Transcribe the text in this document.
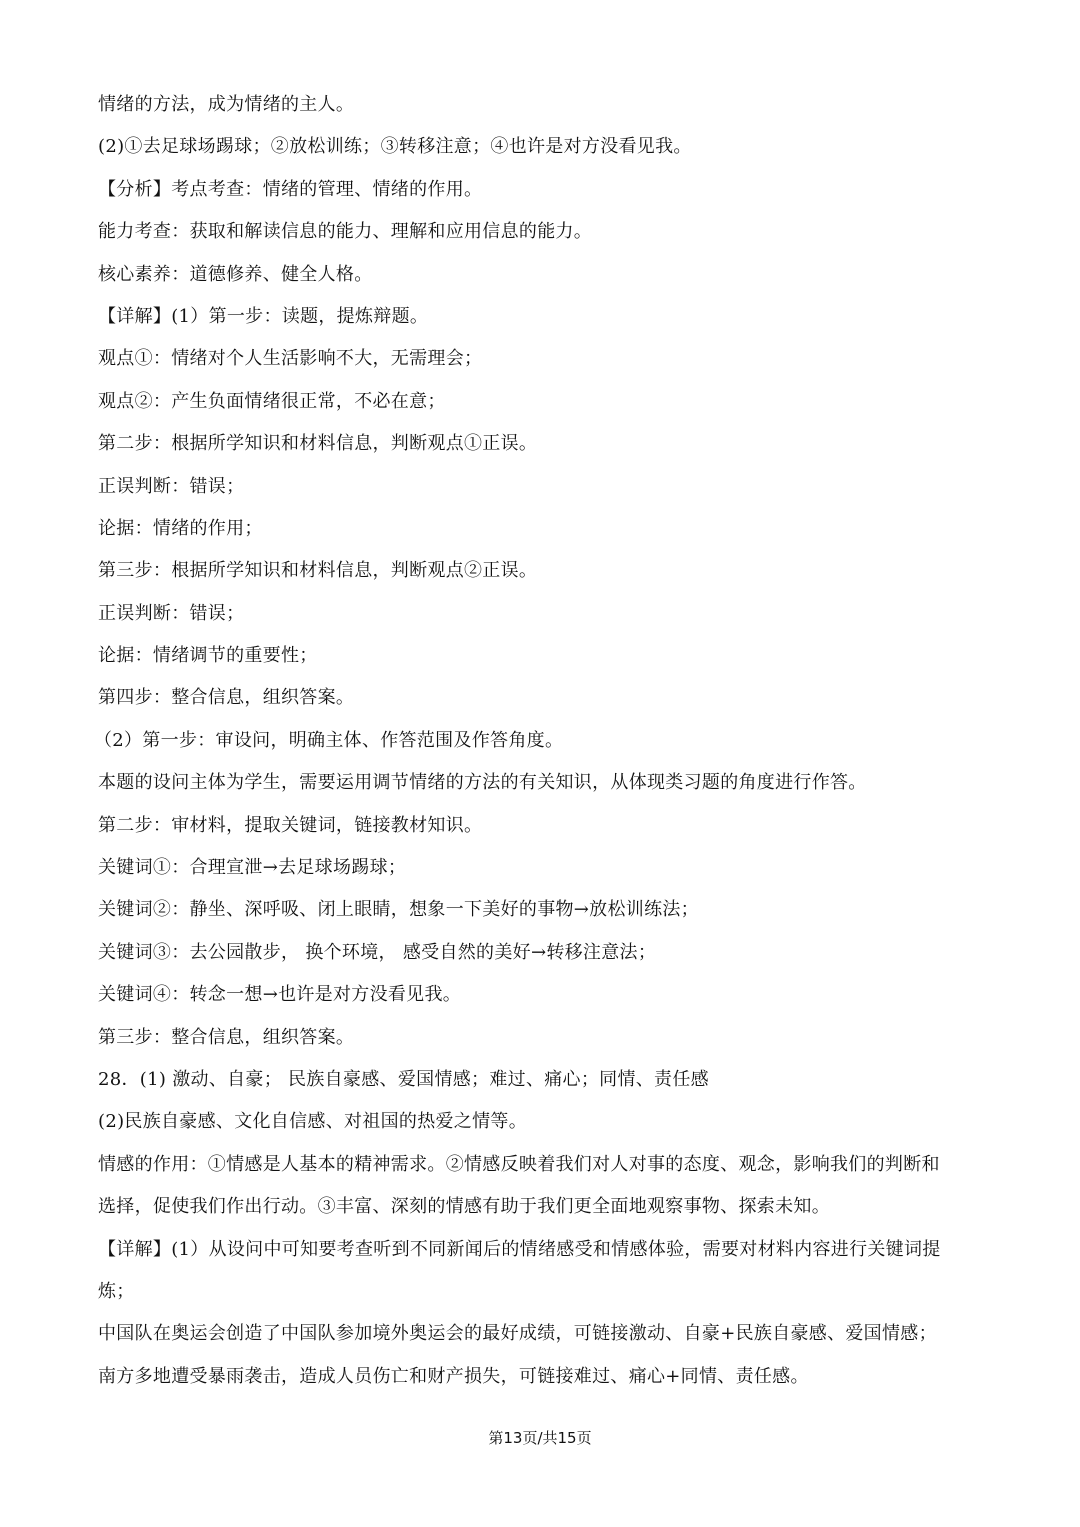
情绪的方法，成为情绪的主人。
(2)①去足球场踢球；②放松训练；③转移注意；④也许是对方没看见我。
【分析】考点考查：情绪的管理、情绪的作用。
能力考查：获取和解读信息的能力、理解和应用信息的能力。
核心素养：道德修养、健全人格。
【详解】(1）第一步：读题，提炼辩题。
观点①：情绪对个人生活影响不大，无需理会；
观点②：产生负面情绪很正常，不必在意；
第二步：根据所学知识和材料信息，判断观点①正误。
正误判断：错误；
论据：情绪的作用；
第三步：根据所学知识和材料信息，判断观点②正误。
正误判断：错误；
论据：情绪调节的重要性；
第四步：整合信息，组织答案。
（2）第一步：审设问，明确主体、作答范围及作答角度。
本题的设问主体为学生，需要运用调节情绪的方法的有关知识，从体现类习题的角度进行作答。
第二步：审材料，提取关键词，链接教材知识。
关键词①：合理宣泄→去足球场踢球；
关键词②：静坐、深呼吸、闭上眼睛，想象一下美好的事物→放松训练法；
关键词③：去公园散步， 换个环境， 感受自然的美好→转移注意法；
关键词④：转念一想→也许是对方没看见我。
第三步：整合信息，组织答案。
28．(1) 激动、自豪； 民族自豪感、爱国情感；难过、痛心；同情、责任感
(2)民族自豪感、文化自信感、对祖国的热爱之情等。
情感的作用：①情感是人基本的精神需求。②情感反映着我们对人对事的态度、观念，影响我们的判断和
选择，促使我们作出行动。③丰富、深刻的情感有助于我们更全面地观察事物、探索未知。
【详解】(1）从设问中可知要考查听到不同新闻后的情绪感受和情感体验，需要对材料内容进行关键词提
炼；
中国队在奥运会创造了中国队参加境外奥运会的最好成绩，可链接激动、自豪+民族自豪感、爱国情感；
南方多地遭受暴雨袭击，造成人员伤亡和财产损失，可链接难过、痛心+同情、责任感。
第13页/共15页
